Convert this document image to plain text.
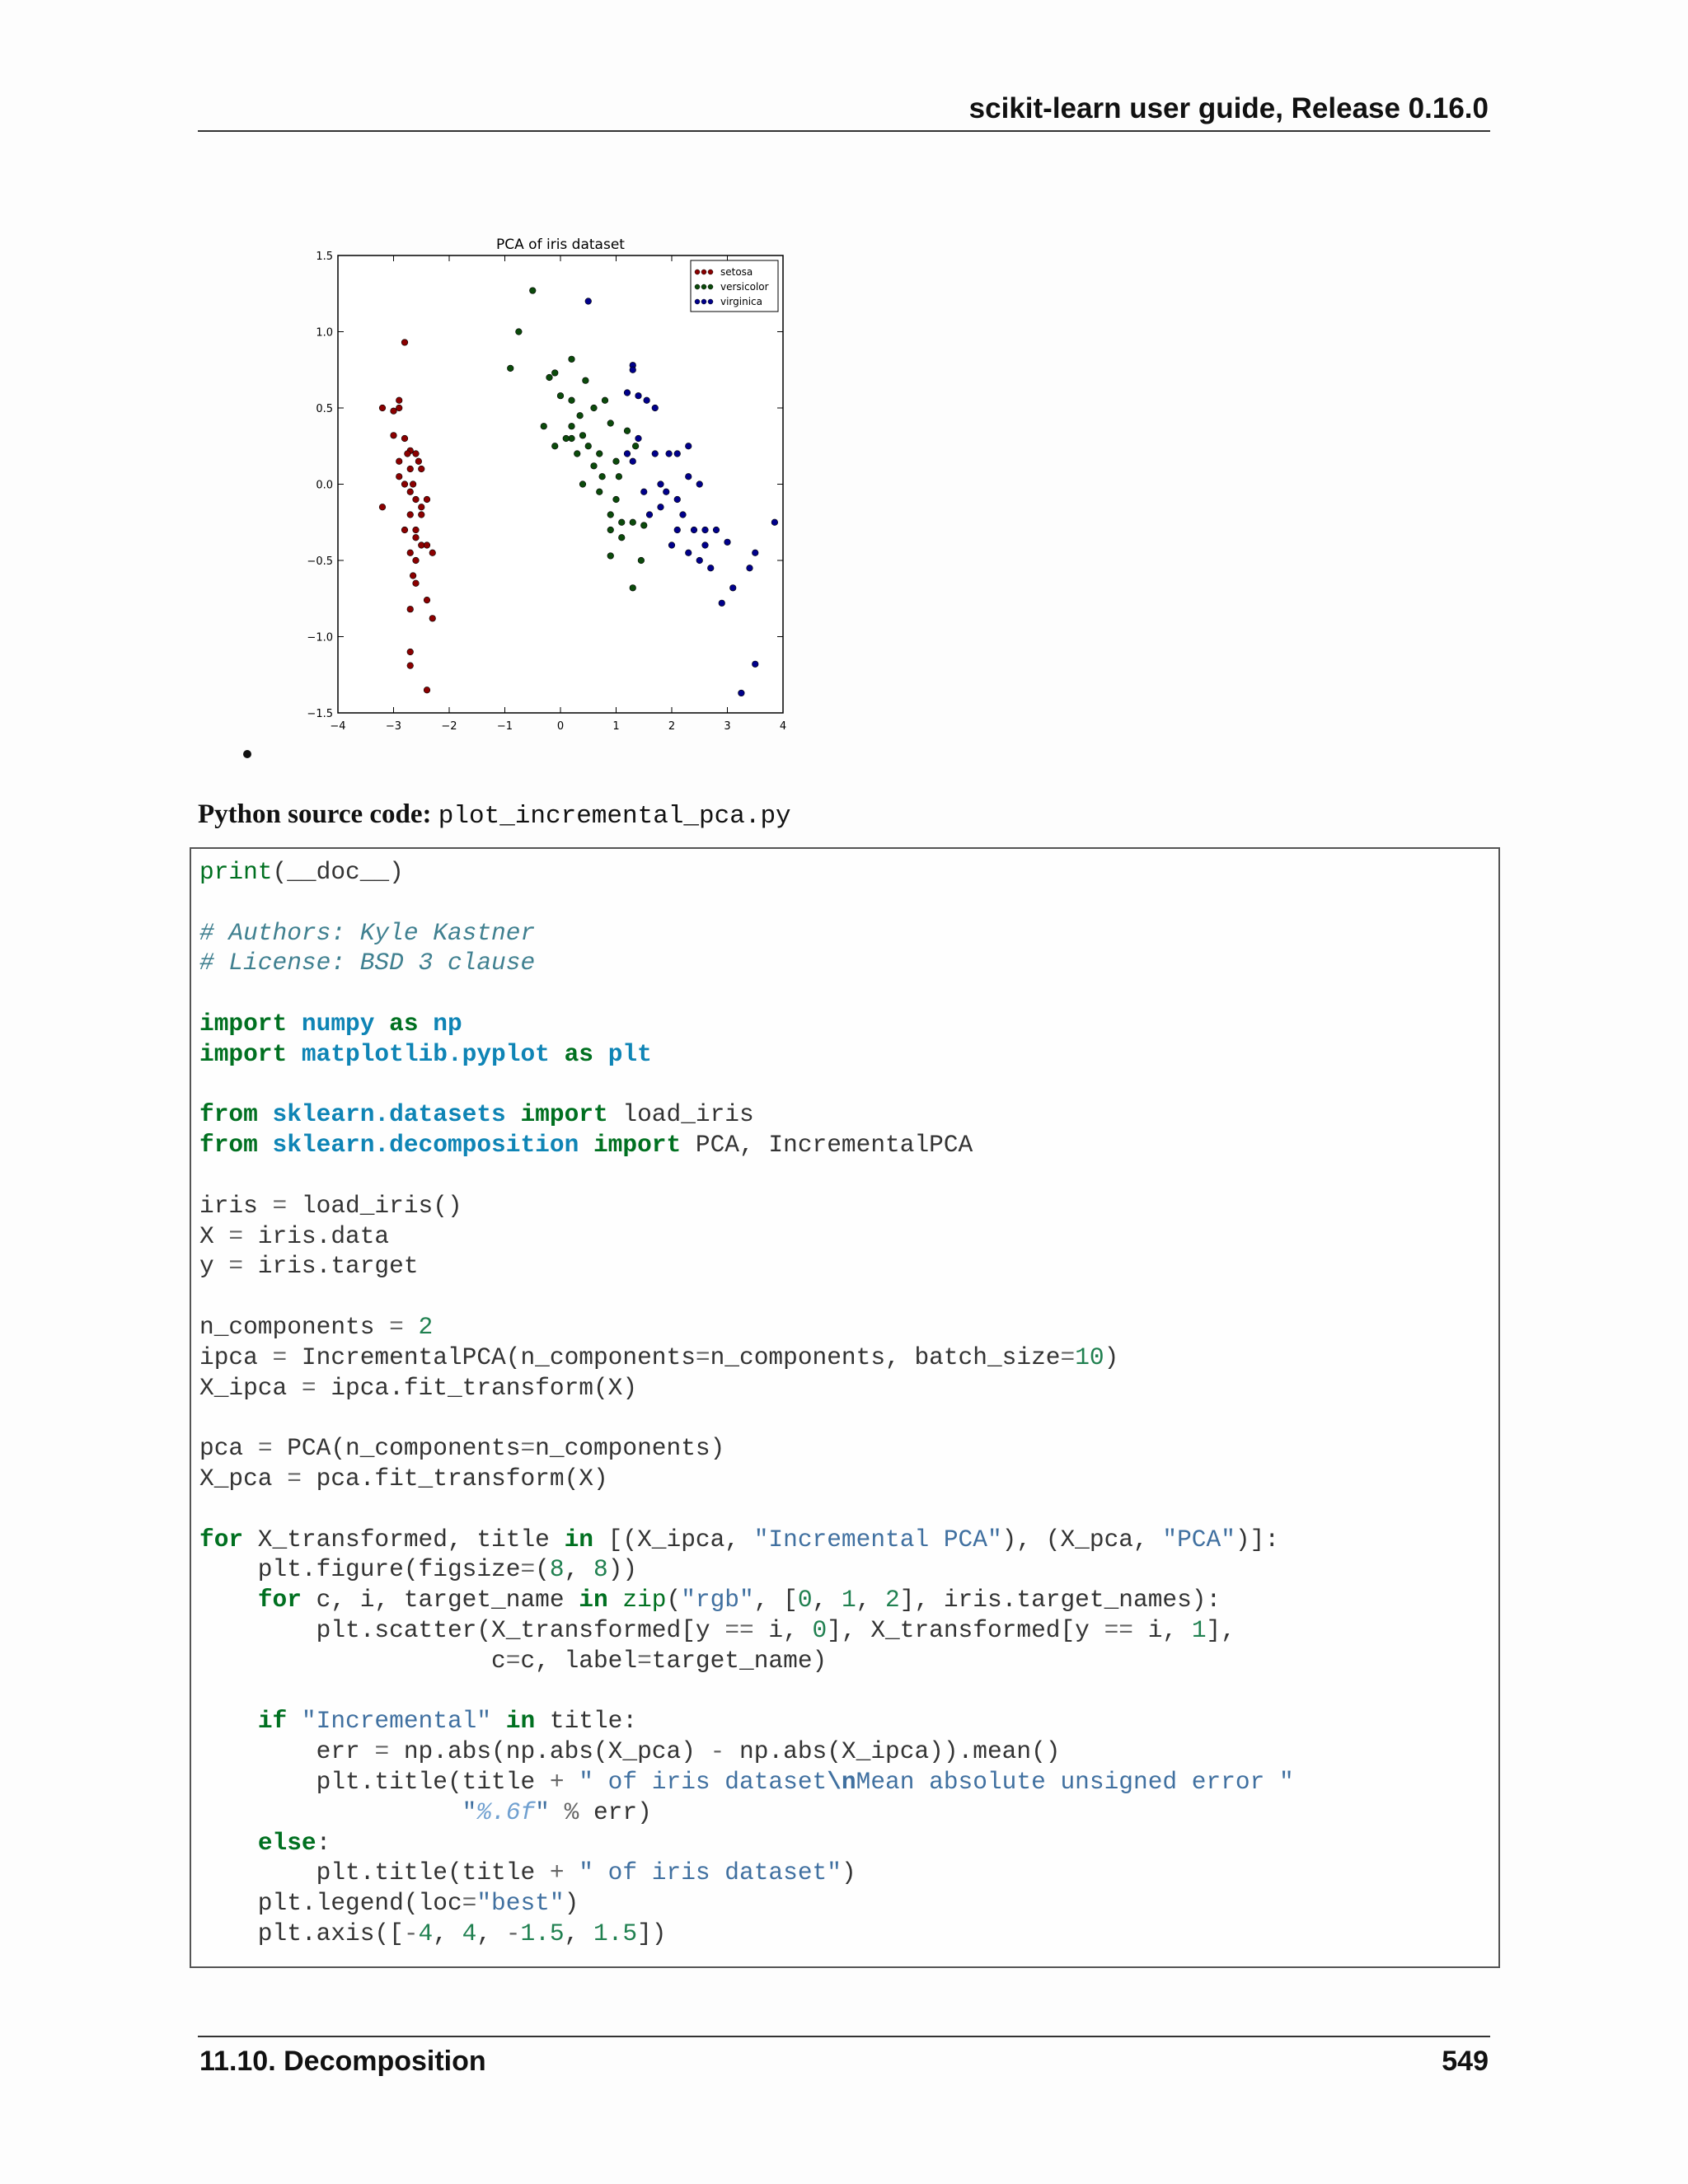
scikit-learn user guide, Release 0.16.0
PCA of iris dataset
−4	−3	−2	−1	0	1	2	3	4
1.5
1.0
0.5
0.0
−0.5
−1.0
−1.5
setosa
versicolor
virginica
Python source code: plot_incremental_pca.py
print(__doc__)

# Authors: Kyle Kastner
# License: BSD 3 clause

import numpy as np
import matplotlib.pyplot as plt

from sklearn.datasets import load_iris
from sklearn.decomposition import PCA, IncrementalPCA

iris = load_iris()
X = iris.data
y = iris.target

n_components = 2
ipca = IncrementalPCA(n_components=n_components, batch_size=10)
X_ipca = ipca.fit_transform(X)

pca = PCA(n_components=n_components)
X_pca = pca.fit_transform(X)

for X_transformed, title in [(X_ipca, "Incremental PCA"), (X_pca, "PCA")]:
plt.figure(figsize=(8, 8))
for c, i, target_name in zip("rgb", [0, 1, 2], iris.target_names):
plt.scatter(X_transformed[y == i, 0], X_transformed[y == i, 1],
c=c, label=target_name)

if "Incremental" in title:
err = np.abs(np.abs(X_pca) - np.abs(X_ipca)).mean()
plt.title(title + " of iris dataset\nMean absolute unsigned error "
"%.6f" % err)
else:
plt.title(title + " of iris dataset")
plt.legend(loc="best")
plt.axis([-4, 4, -1.5, 1.5])
11.10. Decomposition	549
